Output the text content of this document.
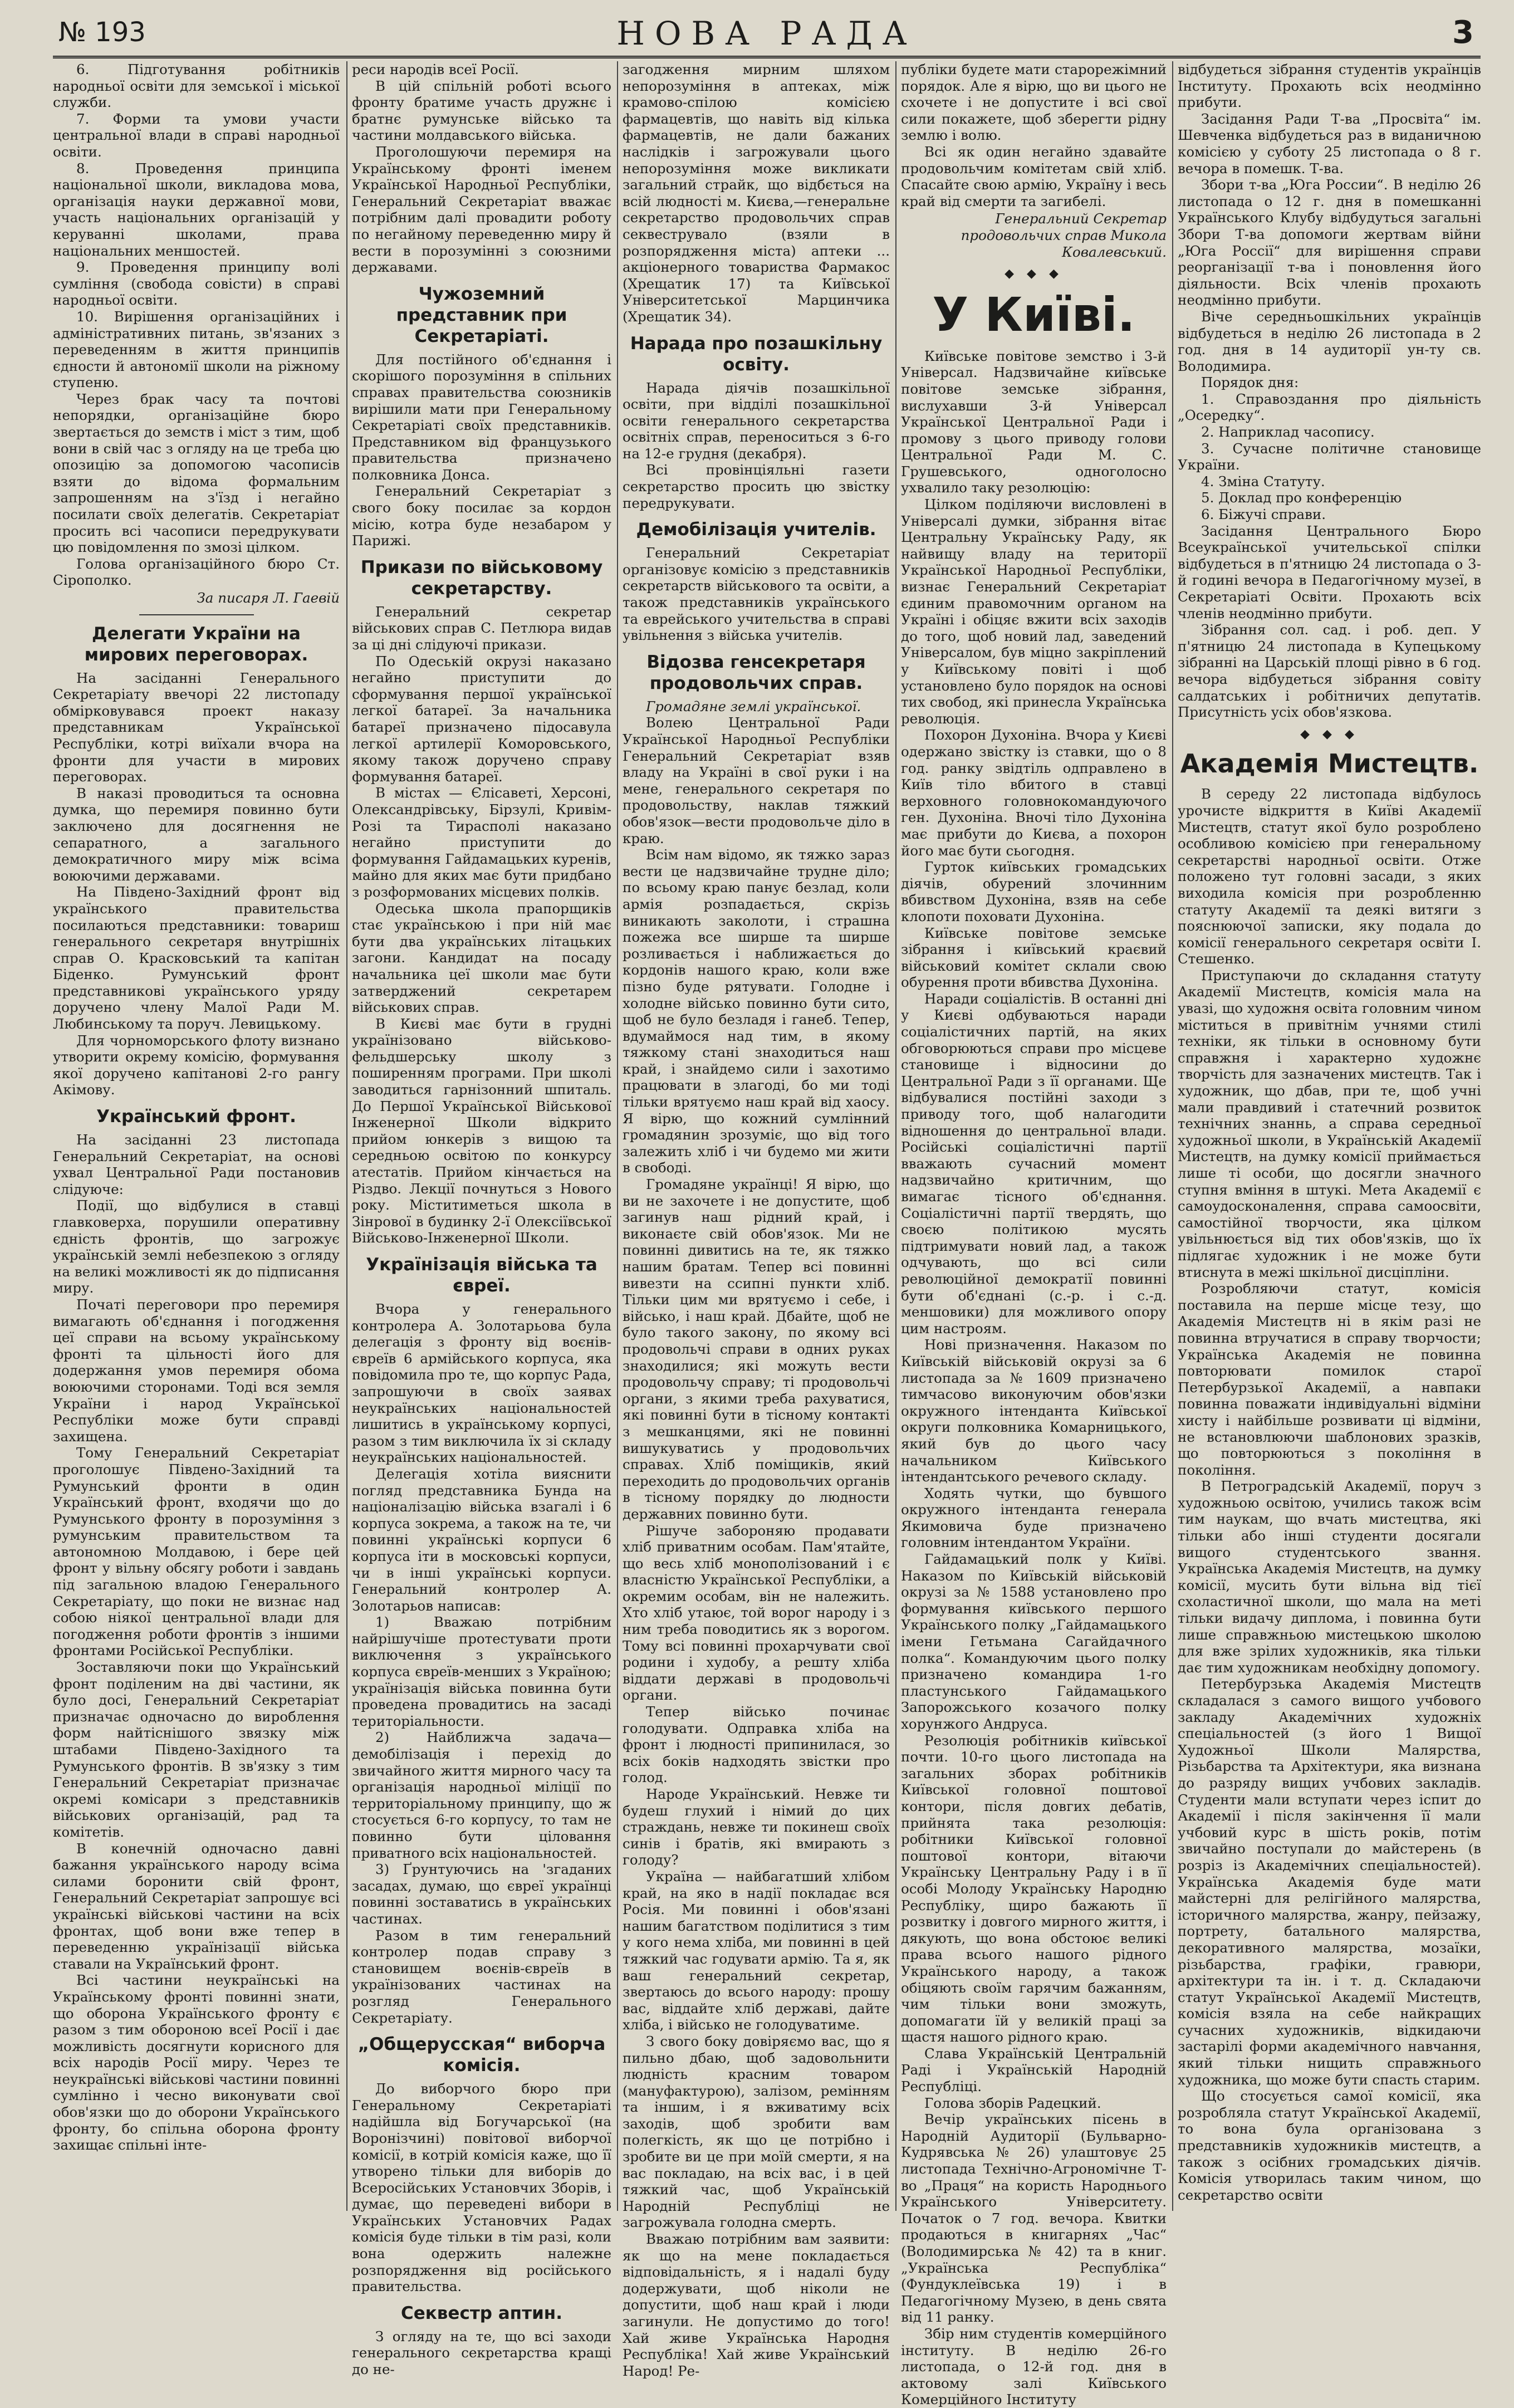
№ 193	НОВА РАДА	3

6. Підготування робітників народньої освіти для земської і міської служби.

7. Форми та умови участи центральної влади в справі народньої освіти.

8. Проведення принципа національної школи, викладова мова, організація науки державної мови, участь національних організацій у керуванні школами, права національних меншостей.

9. Проведення принципу волі сумління (свобода совісти) в справі народньої освіти.

10. Вирішення організаційних і адміністративних питань, зв'язаних з переведенням в життя принципів єдности й автономії школи на ріжному ступеню.

Через брак часу та почтові непорядки, організаційне бюро звертається до земств і міст з тим, щоб вони в свій час з огляду на це треба цю опозицію за допомогою часописів взяти до відома формальним запрошенням на з'їзд і негайно посилати своїх делегатів. Секретаріат просить всі часописи передрукувати цю повідомлення по змозі цілком.

Голова організаційного бюро Ст. Сірополко.

За писаря Л. Гаевій
Делегати України на мирових переговорах.

На засіданні Генерального Секретаріату ввечорі 22 листопаду обмірковувався проект наказу представникам Української Республіки, котрі виїхали вчора на фронти для участи в мирових переговорах.

В наказі проводиться та основна думка, що перемиря повинно бути заключено для досягнення не сепаратного, а загального демократичного миру між всіма воюючими державами.

На Південо-Західний фронт від українського правительства посилаються представники: товариш генерального секретаря внутрішніх справ О. Красковський та капітан Біденко. Румунський фронт представникові українського уряду доручено члену Малої Ради М. Любинському та поруч. Левицькому.

Для чорноморського флоту визнано утворити окрему комісію, формування якої доручено капітанові 2-го рангу Акімову.

Український фронт.

На засіданні 23 листопада Генеральний Секретаріат, на основі ухвал Центральної Ради постановив слідуюче:

Події, що відбулися в ставці главковерха, порушили оперативну єдність фронтів, що загрожує українській землі небезпекою з огляду на великі можливості як до підписання миру.

Початі переговори про перемиря вимагають об'єднання і погодження цеї справи на всьому українському фронті та цільності його для додержання умов перемиря обома воюючими сторонами. Тоді вся земля України і народ Української Республіки може бути справді захищена.

Тому Генеральний Секретаріат проголошує Південо-Західний та Румунський фронти в один Український фронт, входячи що до Румунського фронту в порозуміння з румунським правительством та автономною Молдавою, і бере цей фронт у вільну обсягу роботи і завдань під загальною владою Генерального Секретаріату, що поки не визнає над собою ніякої центральної влади для погодження роботи фронтів з іншими фронтами Російської Республіки.

Зоставляючи поки що Український фронт поділеним на дві частини, як було досі, Генеральний Секретаріат призначає одночасно до вироблення форм найтіснішого звязку між штабами Південо-Західного та Румунського фронтів. В зв'язку з тим Генеральний Секретаріат призначає окремі комісари з представників військових організацій, рад та комітетів.

В конечній одночасно давні бажання українського народу всіма силами боронити свій фронт, Генеральний Секретаріат запрошує всі українські військові частини на всіх фронтах, щоб вони вже тепер в переведенню українізації війська ставали на Український фронт.

Всі частини неукраїнські на Українському фронті повинні знати, що оборона Українського фронту є разом з тим обороною всеї Росії і дає можливість досягнути корисного для всіх народів Росії миру. Через те неукраїнські військові частини повинні сумлінно і чесно виконувати свої обов'язки що до оборони Українського фронту, бо спільна оборона фронту захищає спільні інте-

реси народів всеї Росії.

В цій спільній роботі всього фронту братиме участь дружнє і братнє румунське військо та частини молдавського війська.

Проголошуючи перемиря на Українському фронті іменем Української Народньої Республіки, Генеральний Секретаріат вважає потрібним далі провадити роботу по негайному переведенню миру й вести в порозумінні з союзними державами.

Чужоземний представник при Секретаріаті.

Для постійного об'єднання і скорішого порозуміння в спільних справах правительства союзників вирішили мати при Генеральному Секретаріаті своїх представників. Представником від французького правительства призначено полковника Донса.

Генеральний Секретаріат з свого боку посилає за кордон місію, котра буде незабаром у Парижі.

Прикази по військовому секретарству.

Генеральний секретар військових справ С. Петлюра видав за ці дні слідуючі прикази.

По Одеській окрузі наказано негайно приступити до сформування першої української легкої батареї. За начальника батареї призначено підосавула легкої артилерії Коморовського, якому також доручено справу формування батареї.

В містах — Єлісаветі, Херсоні, Олександрівську, Бірзулі, Кривім-Розі та Тирасполі наказано негайно приступити до формування Гайдамацьких куренів, майно для яких має бути придбано з розформованих місцевих полків.

Одеська школа прапорщиків стає українською і при ній має бути два українських літацьких загони. Кандидат на посаду начальника цеї школи має бути затверджений секретарем військових справ.

В Києві має бути в грудні українізовано військово-фельдшерську школу з поширенням програми. При школі заводиться гарнізонний шпиталь. До Першої Української Військової Інженерної Школи відкрито прийом юнкерів з вищою та середньою освітою по конкурсу атестатів. Прийом кінчається на Різдво. Лекції почнуться з Нового року. Міститиметься школа в Зінрової в будинку 2-ї Олексіївської Військово-Інженерної Школи.

Українізація війська та євреї.

Вчора у генерального контролера А. Золотарьова була делегація з фронту від воєнів-євреїв 6 армійського корпуса, яка повідомила про те, що корпус Рада, запрошуючи в своїх заявах неукраїнських національностей лишитись в українському корпусі, разом з тим виключила їх зі складу неукраїнських національностей.

Делегація хотіла вияснити погляд представника Бунда на націоналізацію війська взагалі і 6 корпуса зокрема, а також на те, чи повинні українські корпуси 6 корпуса іти в московські корпуси, чи в інші українські корпуси. Генеральний контролер А. Золотарьов написав:

1) Вважаю потрібним найрішучіше протестувати проти виключення з українського корпуса євреїв-менших з Україною; українізація війська повинна бути проведена провадитись на засаді територіальности.

2) Найближча задача—демобілізація і перехід до звичайного життя мирного часу та організація народньої міліції по территоріальному принципу, що ж стосується 6-го корпусу, то там не повинно бути ціловання приватного всіх національностей.

3) Ґрунтуючись на 'згаданих засадах, думаю, що євреї українці повинні зоставатись в українських частинах.

Разом в тим генеральний контролер подав справу з становищем воєнів-євреїв в українізованих частинах на розгляд Генерального Секретаріату.

„Общерусская“ виборча комісія.

До виборчого бюро при Генеральному Секретаріаті надійшла від Богучарської (на Воронізчині) повітової виборчої комісії, в котрій комісія каже, що її утворено тільки для виборів до Всеросійських Установчих Зборів, і думає, що переведені вибори в Українських Установчих Радах комісія буде тільки в тім разі, коли вона одержить належне розпорядження від російського правительства.

Секвестр аптин.

З огляду на те, що всі заходи генерального секретарства кращі до не-

загодження мирним шляхом непорозуміння в аптеках, між крамово-спілою комісією фармацевтів, що навіть від кілька фармацевтів, не дали бажаних наслідків і загрожували цього непорозуміння може викликати загальний страйк, що відбється на всій людності м. Києва,—генеральне секретарство продовольчих справ секвеструвало (взяли в розпорядження міста) аптеки ... акціонерного товариства Фармакос (Хрещатик 17) та Київської Університетської Марцинчика (Хрещатик 34).

Нарада про позашкільну освіту.

Нарада діячів позашкільної освіти, при відділі позашкільної освіти генерального секретарства освітніх справ, переноситься з 6-го на 12-е грудня (декабря).

Всі провінціяльні газети секретарство просить цю звістку передрукувати.

Демобілізація учителів.

Генеральний Секретаріат організовує комісію з представників секретарств військового та освіти, а також представників українського та еврейського учительства в справі увільнення з війська учителів.

Відозва генсекретаря продовольчих справ.

Громадяне землі української.

Волею Центральної Ради Української Народньої Республіки Генеральний Секретаріат взяв владу на Україні в свої руки і на мене, генерального секретаря по продовольству, наклав тяжкий обов'язок—вести продовольче діло в краю.

Всім нам відомо, як тяжко зараз вести це надзвичайне трудне діло; по всьому краю панує безлад, коли армія розпадається, скрізь виникають заколоти, і страшна пожежа все ширше та ширше розливається і наближається до кордонів нашого краю, коли вже пізно буде рятувати. Голодне і холодне військо повинно бути сито, щоб не було безладя і ганеб. Тепер, вдумаймося над тим, в якому тяжкому стані знаходиться наш край, і знайдемо сили і захотимо працювати в злагоді, бо ми тоді тільки врятуємо наш край від хаосу. Я вірю, що кожний сумлінний громадянин зрозуміє, що від того залежить хліб і чи будемо ми жити в свободі.

Громадяне українці! Я вірю, що ви не захочете і не допустите, щоб загинув наш рідний край, і виконаєте свій обов'язок. Ми не повинні дивитись на те, як тяжко нашим братам. Тепер всі повинні вивезти на ссипні пункти хліб. Тільки цим ми врятуємо і себе, і військо, і наш край. Дбайте, щоб не було такого закону, по якому всі продовольчі справи в одних руках знаходилися; які можуть вести продовольчу справу; ті продовольчі органи, з якими треба рахуватися, які повинні бути в тісному контакті з мешканцями, які не повинні вишукуватись у продовольчих справах. Хліб поміщиків, який переходить до продовольчих органів в тісному порядку до людности державних повинно бути.

Рішуче забороняю продавати хліб приватним особам. Пам'ятайте, що весь хліб монополізований і є власністю Української Республіки, а окремим особам, він не належить. Хто хліб утаює, той ворог народу і з ним треба поводитись як з ворогом. Тому всі повинні прохарчувати свої родини і худобу, а решту хліба віддати державі в продовольчі органи.

Тепер військо починає голодувати. Одправка хліба на фронт і людності припинилася, зо всіх боків надходять звістки про голод.

Народе Український. Невже ти будеш глухий і німий до цих страждань, невже ти покинеш своїх синів і братів, які вмирають з голоду?

Україна — найбагатший хлібом край, на яко в надії покладає вся Росія. Ми повинні і обов'язані нашим багатством поділитися з тим у кого нема хліба, ми повинні в цей тяжкий час годувати армію. Та я, як ваш генеральний секретар, звертаюсь до всього народу: прошу вас, віддайте хліб державі, дайте хліба, і військо не голодуватиме.

З свого боку довіряємо вас, що я пильно дбаю, щоб задовольнити людність красним товаром (мануфактурою), залізом, ремінням та іншим, і я вживатиму всіх заходів, щоб зробити вам полегкість, як що це потрібно і зробите ви це при моїй смерти, я на вас покладаю, на всіх вас, і в цей тяжкий час, щоб Українській Народній Республіці не загрожувала голодна смерть.

Вважаю потрібним вам заявити: як що на мене покладається відповідальність, я і надалі буду додержувати, щоб ніколи не допустити, щоб наш край і люди загинули. Не допустимо до того! Хай живе Українська Народня Республіка! Хай живе Український Народ! Ре-

публіки будете мати старорежімний порядок. Але я вірю, що ви цього не схочете і не допустите і всі свої сили покажете, щоб зберегти рідну землю і волю.

Всі як один негайно здавайте продовольчим комітетам свій хліб. Спасайте свою армію, Україну і весь край від смерти та загибелі.

Генеральний Секретар продовольчих справ Микола Ковалевський.
◆ ◆ ◆
У Київі.

Київське повітове земство і 3-й Універсал. Надзвичайне київське повітове земське зібрання, вислухавши 3-й Універсал Української Центральної Ради і промову з цього приводу голови Центральної Ради М. С. Грушевського, одноголосно ухвалило таку резолюцію:

Цілком поділяючи висловлені в Універсалі думки, зібрання вітає Центральну Українську Раду, як найвищу владу на території Української Народньої Республіки, визнає Генеральний Секретаріат єдиним правомочним органом на Україні і обіцяє вжити всіх заходів до того, щоб новий лад, заведений Універсалом, був міцно закріплений у Київському повіті і щоб установлено було порядок на основі тих свобод, які принесла Українська революція.

Похорон Духоніна. Вчора у Києві одержано звістку із ставки, що о 8 год. ранку звідтіль одправлено в Київ тіло вбитого в ставці верховного головнокомандуючого ген. Духоніна. Вночі тіло Духоніна має прибути до Києва, а похорон його має бути сьогодня.

Гурток київських громадських діячів, обурений злочинним вбивством Духоніна, взяв на себе клопоти поховати Духоніна.

Київське повітове земське зібрання і київський краєвий військовий комітет склали свою обурення проти вбивства Духоніна.

Наради соціалістів. В останні дні у Києві одбуваються наради соціалістичних партій, на яких обговорюються справи про місцеве становище і відносини до Центральної Ради з її органами. Ще відбувалися постійні заходи з приводу того, щоб налагодити відношення до центральної влади. Російські соціалістичні партії вважають сучасний момент надзвичайно критичним, що вимагає тісного об'єднання. Соціалістичні партії твердять, що своєю політикою мусять підтримувати новий лад, а також одчувають, що всі сили революційної демократії повинні бути об'єднані (с.-р. і с.-д. меншовики) для можливого опору цим настроям.

Нові призначення. Наказом по Київській військовій окрузі за 6 листопада за № 1609 призначено тимчасово виконуючим обов'язки окружного інтенданта Київської округи полковника Комарницького, який був до цього часу начальником Київського інтендантського речевого складу.

Ходять чутки, що бувшого окружного інтенданта генерала Якимовича буде призначено головним інтендантом України.

Гайдамацький полк у Київі. Наказом по Київській військовій окрузі за № 1588 установлено про формування київського першого Українського полку „Гайдамацького імени Гетьмана Сагайдачного полка“. Командуючим цього полку призначено командира 1-го пластунського Гайдамацького Запорожського козачого полку хорунжого Андруса.

Резолюція робітників київської почти. 10-го цього листопада на загальних зборах робітників Київської головної поштової контори, після довгих дебатів, прийнята така резолюція: робітники Київської головної поштової контори, вітаючи Українську Центральну Раду і в її особі Молоду Українську Народню Республіку, щиро бажають її розвитку і довгого мирного життя, і дякують, що вона обстоює великі права всього нашого рідного Українського народу, а також обіцяють своїм гарячим бажанням, чим тільки вони зможуть, допомагати їй у великій праці за щастя нашого рідного краю.

Слава Українській Центральній Раді і Українській Народній Республіці.

Голова зборів Радецкий.

Вечір українських пісень в Народній Аудиторії (Бульварно-Кудрявська № 26) улаштовує 25 листопада Технічно-Агрономічне Т-во „Праця“ на користь Народнього Українського Університету. Початок о 7 год. вечора. Квитки продаються в книгарнях „Час“ (Володимирська № 42) та в книг. „Українська Республіка“ (Фундуклеївська 19) і в Педагогічному Музею, в день свята від 11 ранку.

Збір ним студентів комерційного інституту. В неділю 26-го листопада, о 12-й год. дня в актовому залі Київського Комерційного Інституту

відбудеться зібрання студентів українців Інституту. Прохають всіх неодмінно прибути.

Засідання Ради Т-ва „Просвіта“ ім. Шевченка відбудеться раз в виданичною комісією у суботу 25 листопада о 8 г. вечора в помешк. Т-ва.

Збори т-ва „Юга России“. В неділю 26 листопада о 12 г. дня в помешканні Українського Клубу відбудуться загальні Збори Т-ва допомоги жертвам війни „Юга Россії“ для вирішення справи реорганізації т-ва і поновлення його діяльности. Всіх членів прохають неодмінно прибути.

Віче середньошкільних українців відбудеться в неділю 26 листопада в 2 год. дня в 14 аудиторії ун-ту св. Володимира.

Порядок дня:

1. Справоздання про діяльність „Осередку“.

2. Наприклад часопису.

3. Сучасне політичне становище України.

4. Зміна Статуту.

5. Доклад про конференцію

6. Біжучі справи.

Засідання Центрального Бюро Всеукраїнської учительської спілки відбудеться в п'ятницю 24 листопада о 3-й годині вечора в Педагогічному музеї, в Секретаріаті Освіти. Прохають всіх членів неодмінно прибути.

Зібрання сол. сад. і роб. деп. У п'ятницю 24 листопада в Купецькому зібранні на Царській площі рівно в 6 год. вечора відбудеться зібрання совіту салдатських і робітничих депутатів. Присутність усіх обов'язкова.

◆ ◆ ◆
Академія Мистецтв.

В середу 22 листопада відбулось урочисте відкриття в Київі Академії Мистецтв, статут якої було розроблено особливою комісією при генеральному секретарстві народньої освіти. Отже положено тут головні засади, з яких виходила комісія при розробленню статуту Академії та деякі витяги з пояснюючої записки, яку подала до комісії генерального секретаря освіти І. Стешенко.

Приступаючи до складання статуту Академії Мистецтв, комісія мала на увазі, що художня освіта головним чином міститься в привітнім учнями стилі техніки, як тільки в основному бути справжня і характерно художнє творчість для зазначених мистецтв. Так і художник, що дбав, при те, щоб учні мали правдивий і статечний розвиток технічних знаннь, а справа середньої художньої школи, в Українській Академії Мистецтв, на думку комісії приймається лише ті особи, що досягли значного ступня вміння в штукі. Мета Академії є самоудосконалення, справа самоосвіти, самостійної творчости, яка цілком увільнюється від тих обов'язків, що їх підлягає художник і не може бути втиснута в межі шкільної дисціпліни.

Розробляючи статут, комісія поставила на перше місце тезу, що Академія Мистецтв ні в якім разі не повинна втручатися в справу творчости; Українська Академія не повинна повторювати помилок старої Петербурзької Академії, а навпаки повинна поважати індивідуальні відміни хисту і найбільше розвивати ці відміни, не встановлюючи шаблонових зразків, що повторюються з покоління в покоління.

В Петроградській Академії, поруч з художньою освітою, учились також всім тим наукам, що вчать мистецтва, які тільки або інші студенти досягали вищого студентського звання. Українська Академія Мистецтв, на думку комісії, мусить бути вільна від тієї схоластичної школи, що мала на меті тільки видачу диплома, і повинна бути лише справжньою мистецькою школою для вже зрілих художників, яка тільки дає тим художникам необхідну допомогу.

Петербурзька Академія Мистецтв складалася з самого вищого учбового закладу Академічних художніх спеціальностей (з його 1 Вищої Художньої Школи Малярства, Різьбарства та Архітектури, яка визнана до разряду вищих учбових закладів. Студенти мали вступати через іспит до Академії і після закінчення її мали учбовий курс в шість років, потім звичайно поступали до майстерень (в розріз із Академічних спеціальностей). Українська Академія буде мати майстерні для релігійного малярства, історичного малярства, жанру, пейзажу, портрету, батального малярства, декоративного малярства, мозаїки, різьбарства, графіки, гравюри, архітектури та ін. і т. д. Складаючи статут Української Академії Мистецтв, комісія взяла на себе найкращих сучасних художників, відкидаючи застарілі форми академічного навчання, який тільки нищить справжнього художника, що може бути спасть старим.

Що стосується самої комісії, яка розробляла статут Української Академії, то вона була організована з представників художників мистецтв, а також з осібних громадських діячів. Комісія утворилась таким чином, що секретарство освіти
